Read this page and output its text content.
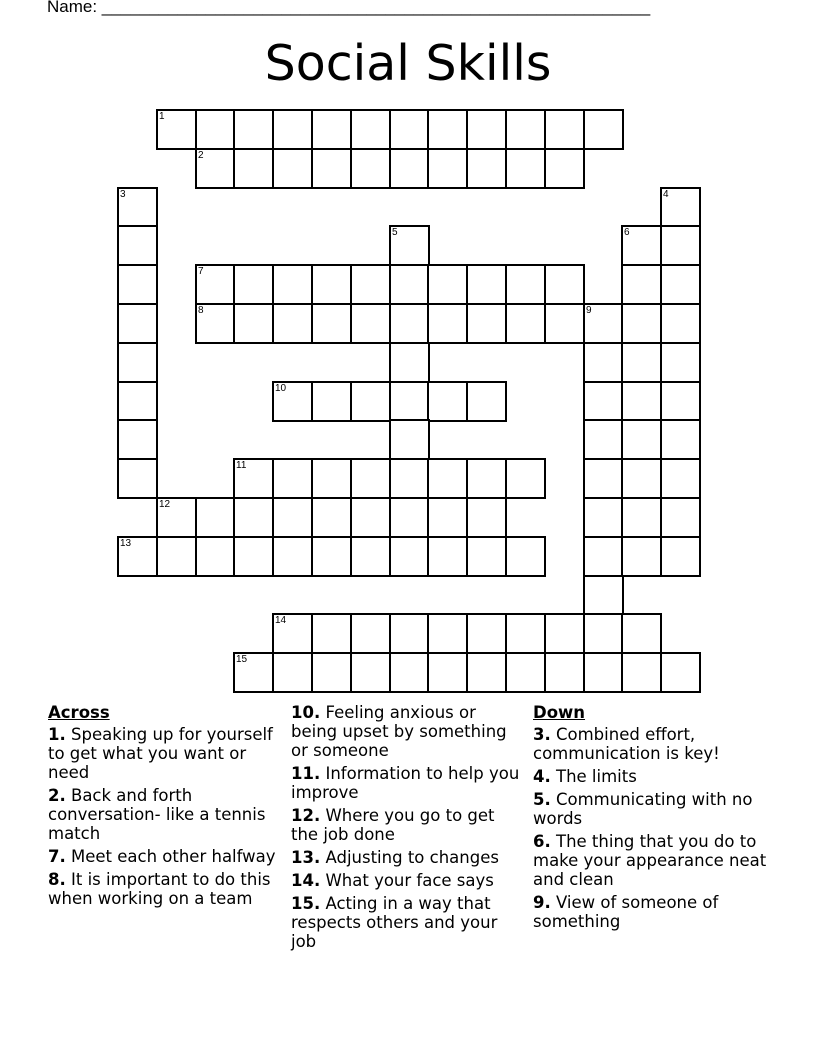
Name: __________________________________________________________
Social Skills
1
2
3	4
5	6
7
8	9
10
11
12
13
14
15
Across
1. Speaking up for yourself to get what you want or need
2. Back and forth conversation- like a tennis match
7. Meet each other halfway
8. It is important to do this when working on a team
10. Feeling anxious or being upset by something or someone
11. Information to help you improve
12. Where you go to get the job done
13. Adjusting to changes
14. What your face says
15. Acting in a way that respects others and your job
Down
3. Combined effort, communication is key!
4. The limits
5. Communicating with no words
6. The thing that you do to make your appearance neat and clean
9. View of someone of something
